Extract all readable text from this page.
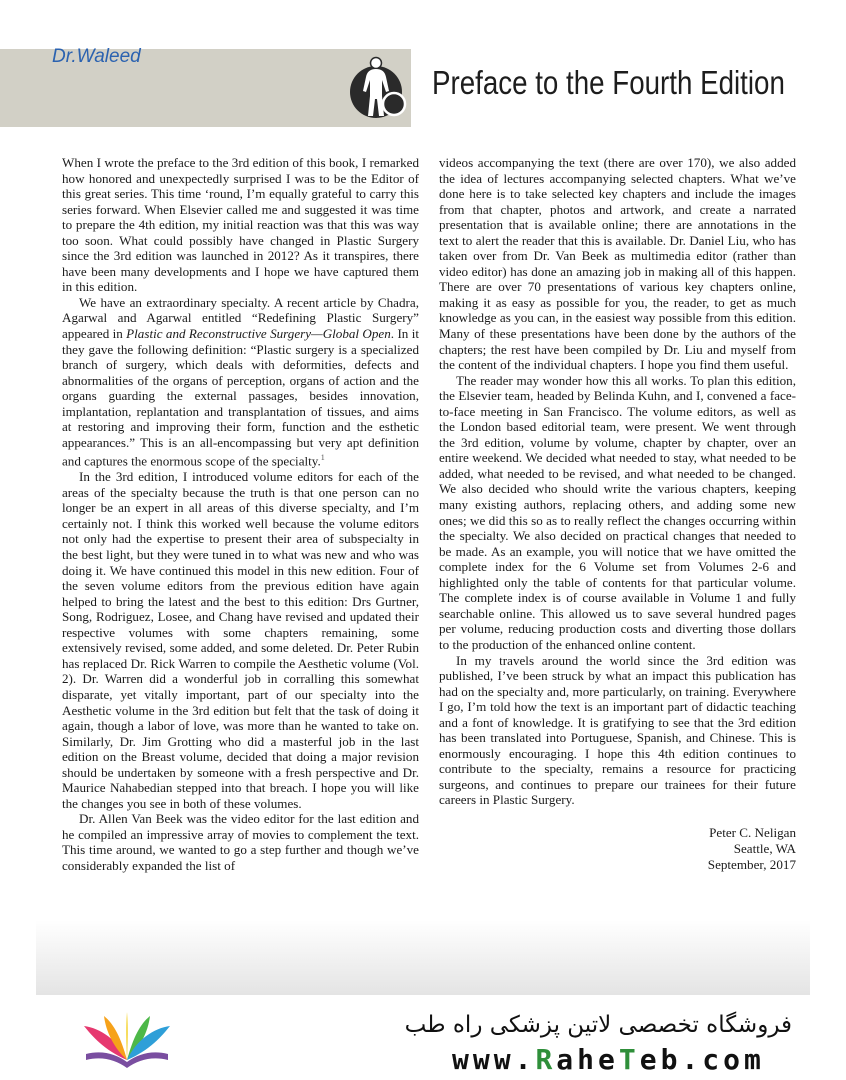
Dr.Waleed
Preface to the Fourth Edition

When I wrote the preface to the 3rd edition of this book, I remarked how honored and unexpectedly surprised I was to be the Editor of this great series. This time ‘round, I’m equally grateful to carry this series forward. When Elsevier called me and suggested it was time to prepare the 4th edition, my initial reaction was that this was way too soon. What could possibly have changed in Plastic Surgery since the 3rd edition was launched in 2012? As it transpires, there have been many developments and I hope we have captured them in this edition.

We have an extraordinary specialty. A recent article by Chadra, Agarwal and Agarwal entitled “Redefining Plastic Surgery” appeared in Plastic and Reconstructive Surgery—Global Open. In it they gave the following definition: “Plastic surgery is a specialized branch of surgery, which deals with deformities, defects and abnormalities of the organs of perception, organs of action and the organs guarding the external passages, besides innovation, implantation, replantation and transplantation of tissues, and aims at restoring and improving their form, function and the esthetic appearances.” This is an all-encompassing but very apt definition and captures the enormous scope of the specialty.$^1$

In the 3rd edition, I introduced volume editors for each of the areas of the specialty because the truth is that one person can no longer be an expert in all areas of this diverse specialty, and I’m certainly not. I think this worked well because the volume editors not only had the expertise to present their area of subspecialty in the best light, but they were tuned in to what was new and who was doing it. We have continued this model in this new edition. Four of the seven volume editors from the previous edition have again helped to bring the latest and the best to this edition: Drs Gurtner, Song, Rodriguez, Losee, and Chang have revised and updated their respective volumes with some chapters remaining, some extensively revised, some added, and some deleted. Dr. Peter Rubin has replaced Dr. Rick Warren to compile the Aesthetic volume (Vol. 2). Dr. Warren did a wonderful job in corralling this somewhat disparate, yet vitally important, part of our specialty into the Aesthetic volume in the 3rd edition but felt that the task of doing it again, though a labor of love, was more than he wanted to take on. Similarly, Dr. Jim Grotting who did a masterful job in the last edition on the Breast volume, decided that doing a major revision should be undertaken by someone with a fresh perspective and Dr. Maurice Nahabedian stepped into that breach. I hope you will like the changes you see in both of these volumes.

Dr. Allen Van Beek was the video editor for the last edition and he compiled an impressive array of movies to complement the text. This time around, we wanted to go a step further and though we’ve considerably expanded the list of

videos accompanying the text (there are over 170), we also added the idea of lectures accompanying selected chapters. What we’ve done here is to take selected key chapters and include the images from that chapter, photos and artwork, and create a narrated presentation that is available online; there are annotations in the text to alert the reader that this is available. Dr. Daniel Liu, who has taken over from Dr. Van Beek as multimedia editor (rather than video editor) has done an amazing job in making all of this happen. There are over 70 presentations of various key chapters online, making it as easy as possible for you, the reader, to get as much knowledge as you can, in the easiest way possible from this edition. Many of these presentations have been done by the authors of the chapters; the rest have been compiled by Dr. Liu and myself from the content of the individual chapters. I hope you find them useful.

The reader may wonder how this all works. To plan this edition, the Elsevier team, headed by Belinda Kuhn, and I, convened a face-to-face meeting in San Francisco. The volume editors, as well as the London based editorial team, were present. We went through the 3rd edition, volume by volume, chapter by chapter, over an entire weekend. We decided what needed to stay, what needed to be added, what needed to be revised, and what needed to be changed. We also decided who should write the various chapters, keeping many existing authors, replacing others, and adding some new ones; we did this so as to really reflect the changes occurring within the specialty. We also decided on practical changes that needed to be made. As an example, you will notice that we have omitted the complete index for the 6 Volume set from Volumes 2-6 and highlighted only the table of contents for that particular volume. The complete index is of course available in Volume 1 and fully searchable online. This allowed us to save several hundred pages per volume, reducing production costs and diverting those dollars to the production of the enhanced online content.

In my travels around the world since the 3rd edition was published, I’ve been struck by what an impact this publication has had on the specialty and, more particularly, on training. Everywhere I go, I’m told how the text is an important part of didactic teaching and a font of knowledge. It is gratifying to see that the 3rd edition has been translated into Portuguese, Spanish, and Chinese. This is enormously encouraging. I hope this 4th edition continues to contribute to the specialty, remains a resource for practicing surgeons, and continues to prepare our trainees for their future careers in Plastic Surgery.

Peter C. Neligan
Seattle, WA
September, 2017
فروشگاه تخصصی لاتین پزشکی راه طب
www.RaheTeb.com
